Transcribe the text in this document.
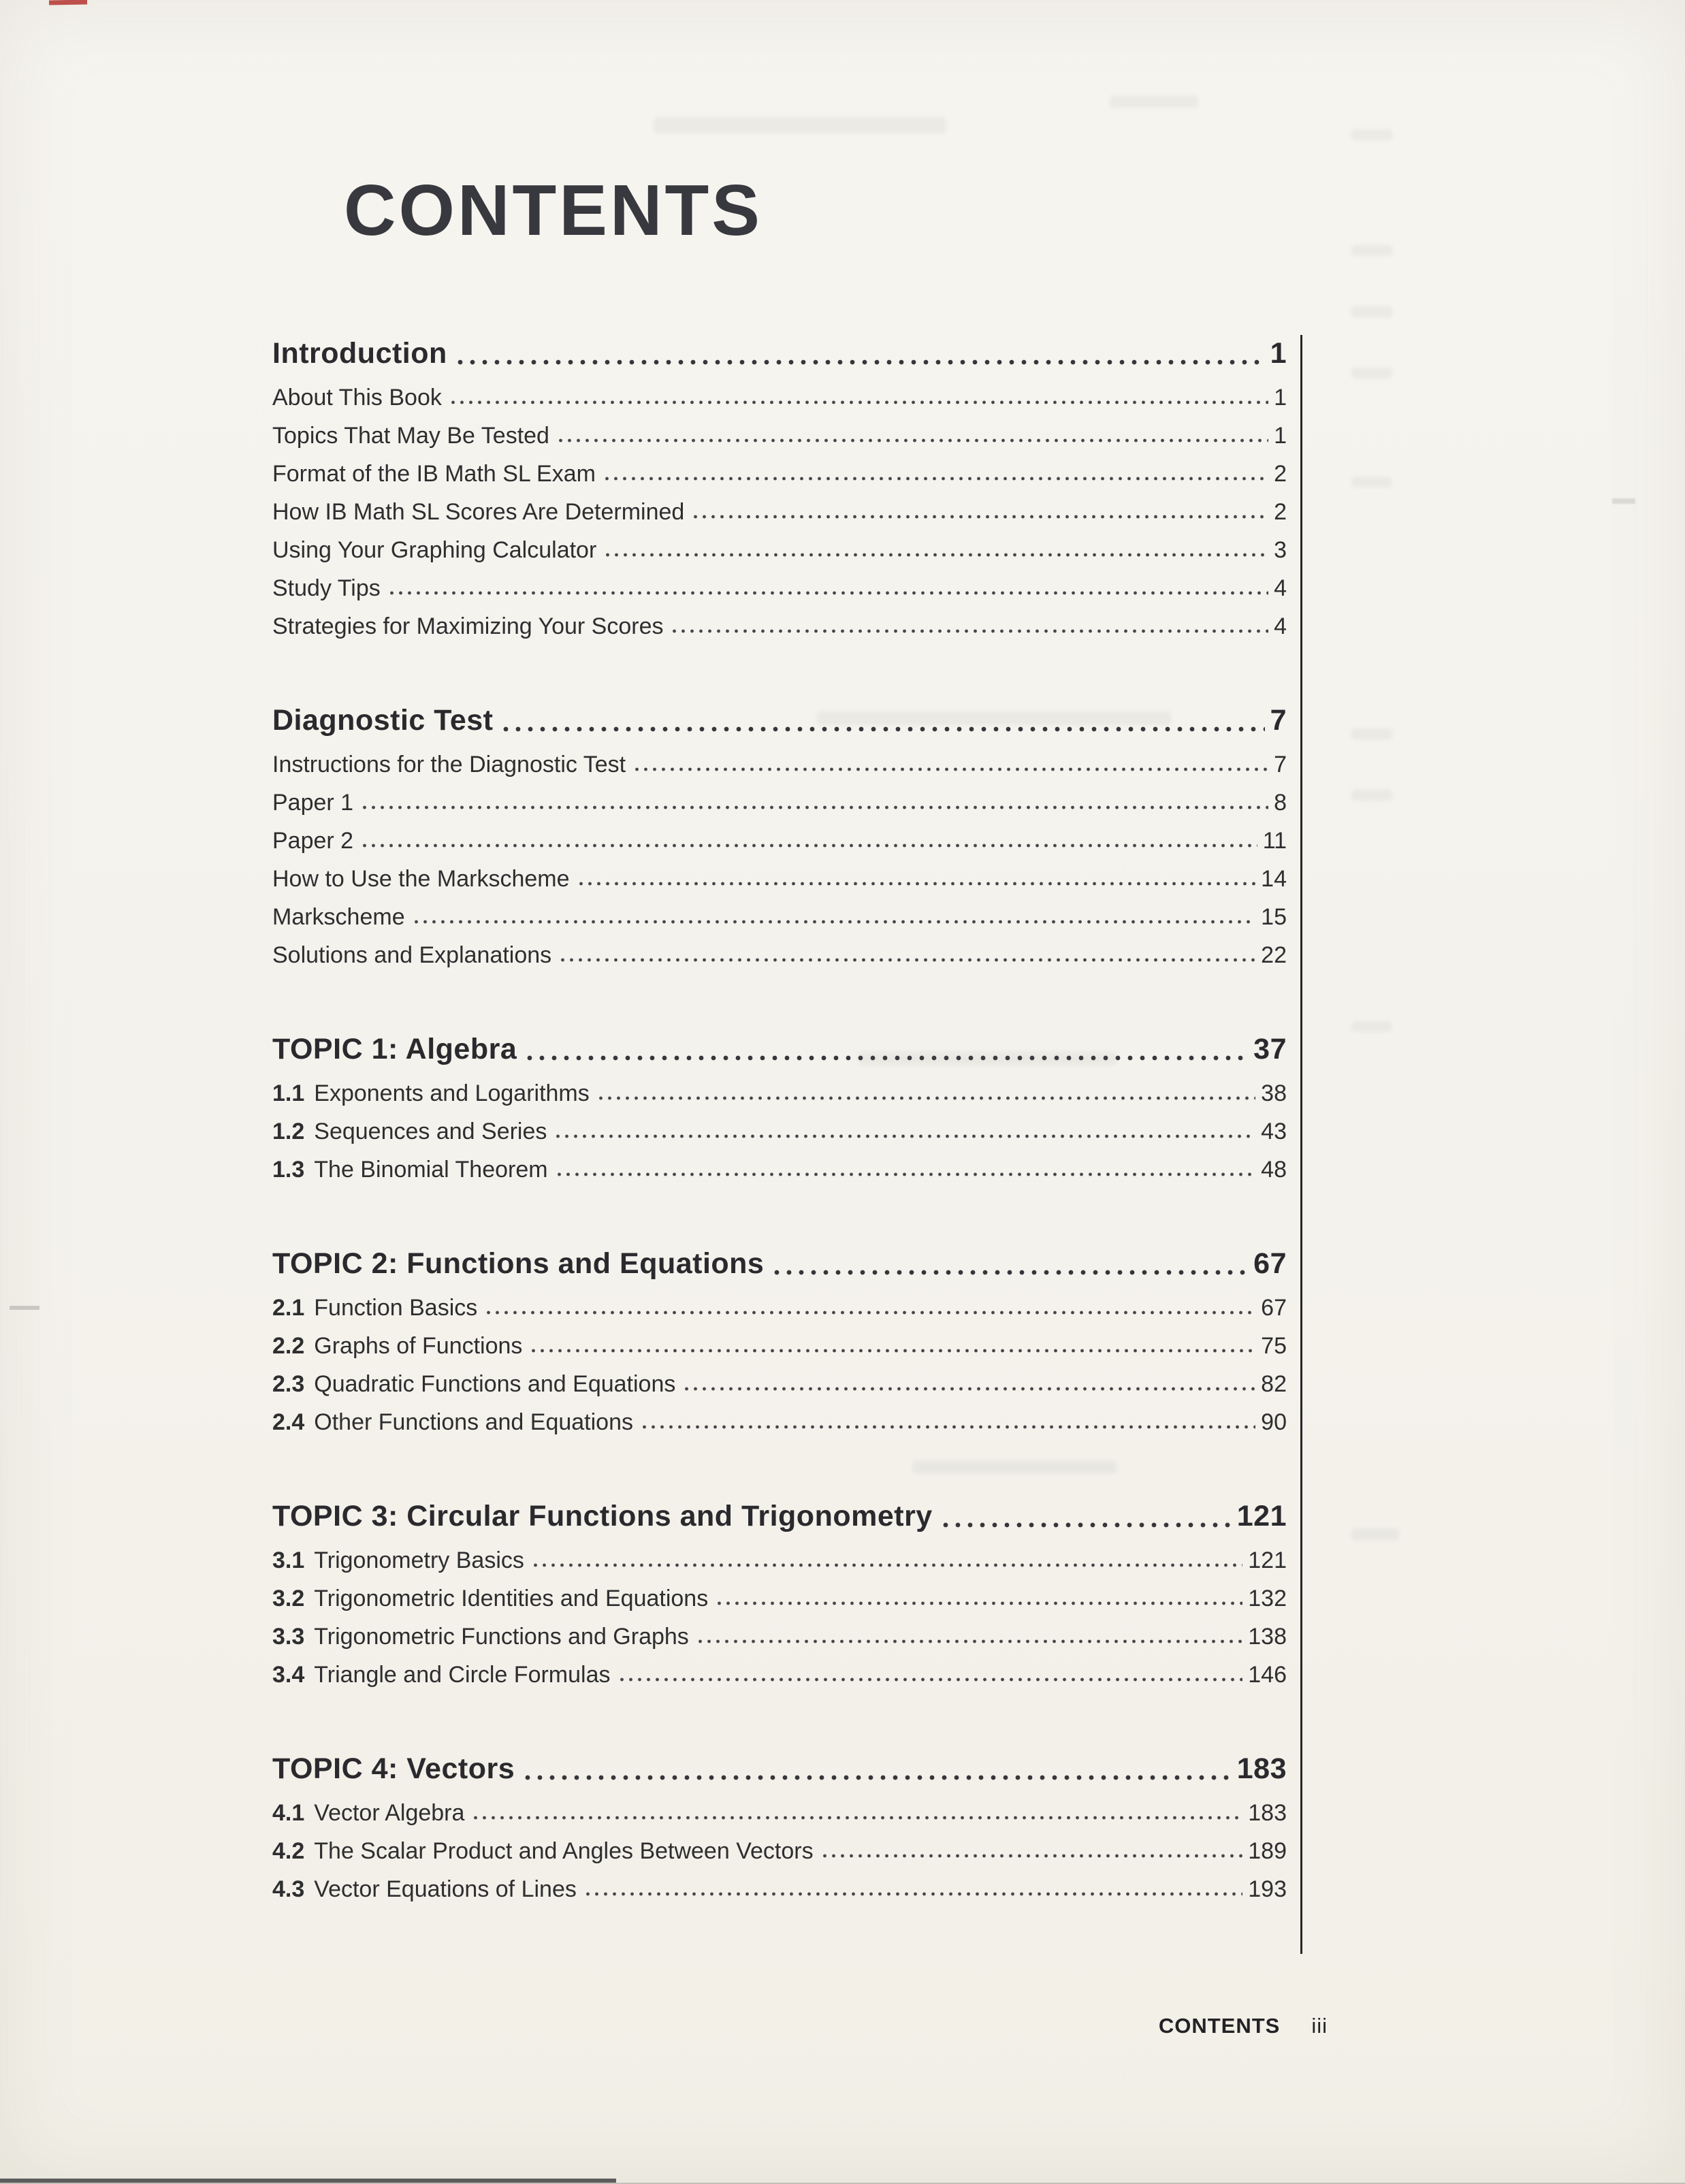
CONTENTS
Introduction	1
About This Book	1
Topics That May Be Tested	1
Format of the IB Math SL Exam	2
How IB Math SL Scores Are Determined	2
Using Your Graphing Calculator	3
Study Tips	4
Strategies for Maximizing Your Scores	4
Diagnostic Test	7
Instructions for the Diagnostic Test	7
Paper 1	8
Paper 2	11
How to Use the Markscheme	14
Markscheme	15
Solutions and Explanations	22
TOPIC 1: Algebra	37
1.1 Exponents and Logarithms	38
1.2 Sequences and Series	43
1.3 The Binomial Theorem	48
TOPIC 2: Functions and Equations	67
2.1 Function Basics	67
2.2 Graphs of Functions	75
2.3 Quadratic Functions and Equations	82
2.4 Other Functions and Equations	90
TOPIC 3: Circular Functions and Trigonometry	121
3.1 Trigonometry Basics	121
3.2 Trigonometric Identities and Equations	132
3.3 Trigonometric Functions and Graphs	138
3.4 Triangle and Circle Formulas	146
TOPIC 4: Vectors	183
4.1 Vector Algebra	183
4.2 The Scalar Product and Angles Between Vectors	189
4.3 Vector Equations of Lines	193
CONTENTS iii
